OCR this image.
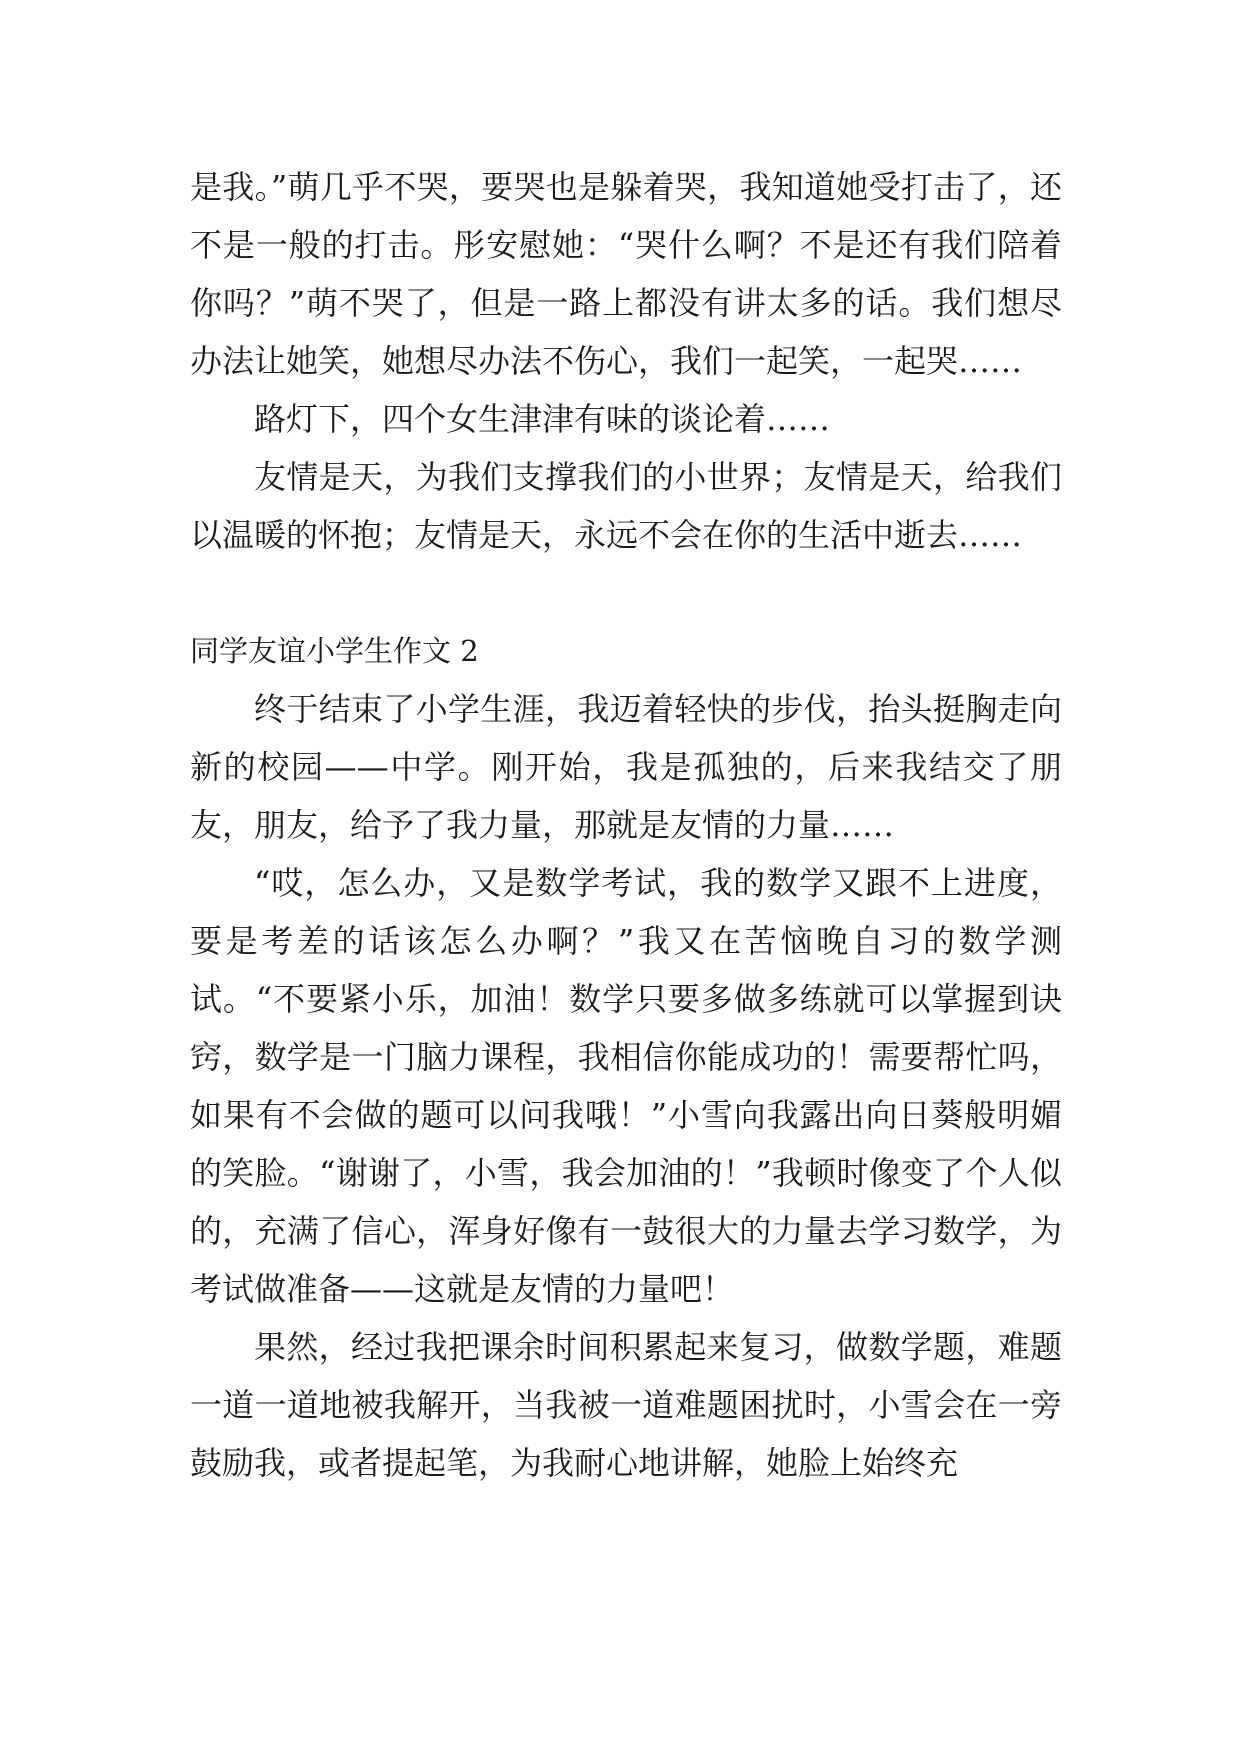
是我。”萌几乎不哭，要哭也是躲着哭，我知道她受打击了，还不是一般的打击。彤安慰她：“哭什么啊？不是还有我们陪着你吗？”萌不哭了，但是一路上都没有讲太多的话。我们想尽办法让她笑，她想尽办法不伤心，我们一起笑，一起哭……

路灯下，四个女生津津有味的谈论着……

友情是天，为我们支撑我们的小世界；友情是天，给我们以温暖的怀抱；友情是天，永远不会在你的生活中逝去……

同学友谊小学生作文 2

终于结束了小学生涯，我迈着轻快的步伐，抬头挺胸走向新的校园——中学。刚开始，我是孤独的，后来我结交了朋友，朋友，给予了我力量，那就是友情的力量……

“哎，怎么办，又是数学考试，我的数学又跟不上进度，要是考差的话该怎么办啊？”我又在苦恼晚自习的数学测试。“不要紧小乐，加油！数学只要多做多练就可以掌握到诀窍，数学是一门脑力课程，我相信你能成功的！需要帮忙吗，如果有不会做的题可以问我哦！”小雪向我露出向日葵般明媚的笑脸。“谢谢了，小雪，我会加油的！”我顿时像变了个人似的，充满了信心，浑身好像有一鼓很大的力量去学习数学，为考试做准备——这就是友情的力量吧！

果然，经过我把课余时间积累起来复习，做数学题，难题一道一道地被我解开，当我被一道难题困扰时，小雪会在一旁鼓励我，或者提起笔，为我耐心地讲解，她脸上始终充
